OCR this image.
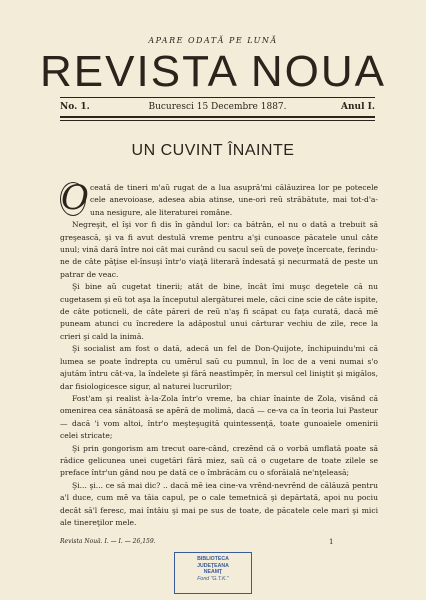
APARE ODATĂ PE LUNĂ
REVISTA NOUA
Bucuresci 15 Decembre 1887.
No. 1.	Anul I.
UN CUVINT ÎNAINTE

O ceată de tineri m'aŭ rugat de a lua asupră'mi călăuzirea lor pe potecele cele anevoioase, adesea abia atinse, une-ori reŭ străbătute, mai tot-d'a-una nesigure, ale literaturei române.

Negreşit, el îşi vor fi dis în gândul lor: ca bătrân, el nu o dată a trebuit să greşească, şi va fi avut destulă vreme pentru a'şi cunoasce păcatele unul câte unul; vină dară între noi cât mai curând cu sacul seŭ de poveţe încercate, ferindu-ne de câte păţise el-însuşi într'o viaţă literară îndesată şi necurmată de peste un patrar de veac.

Şi bine aŭ cugetat tinerii; atât de bine, încât îmi muşc degetele că nu cugetasem şi eŭ tot aşa la începutul alergăturei mele, căci cine scie de câte ispite, de câte poticneli, de câte păreri de reŭ n'aş fi scăpat cu faţa curată, dacă mĕ puneam atunci cu încredere la adăpostul unui cărturar vechiu de zile, rece la crieri şi cald la inimă.

Şi socialist am fost o dată, adecă un fel de Don-Quijote, închipuindu'mi că lumea se poate îndrepta cu umĕrul saŭ cu pumnul, în loc de a veni numai s'o ajutăm întru cât-va, la îndelete şi fără neastîmpĕr, în mersul cel liniştit şi migălos, dar fisiologicesce sigur, al naturei lucrurilor;

Fost'am şi realist à-la-Zola într'o vreme, ba chiar înainte de Zola, visând că omenirea cea sănătoasă se apĕră de molimă, dacă — ce-va ca în teoria lui Pasteur — dacă 'i vom altoi, într'o meşteşugită quintessenţă, toate gunoaiele omenirii celei stricate;

Şi prin gongorism am trecut oare-când, crezĕnd că o vorbă umflată poate să rădice gelicunea unei cugetări fără miez, saŭ că o cugetare de toate zilele se preface într'un gând nou pe dată ce o îmbrăcăm cu o sforăială ne'nţeleasă;

Şi... şi... ce să mai dic? .. dacă mĕ iea cine-va vrĕnd-nevrĕnd de călăuză pentru a'l duce, cum mĕ va tăia capul, pe o cale temetnică şi depărtată, apoi nu pociu decât să'l feresc, mai întâiu şi mai pe sus de toate, de păcatele cele mari şi mici ale tinereţilor mele.

Revista Nouă. I. — I. — 26,159.	1
BIBLIOTECA
JUDEŢEANA
NEAMŢ
Fond "G.T.K."
